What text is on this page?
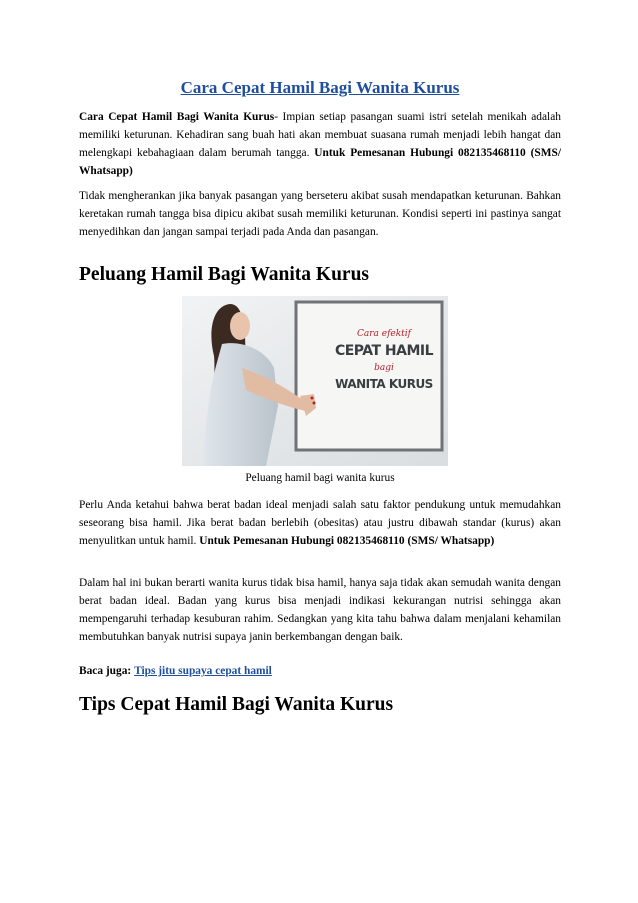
Cara Cepat Hamil Bagi Wanita Kurus

Cara Cepat Hamil Bagi Wanita Kurus- Impian setiap pasangan suami istri setelah menikah adalah memiliki keturunan. Kehadiran sang buah hati akan membuat suasana rumah menjadi lebih hangat dan melengkapi kebahagiaan dalam berumah tangga. Untuk Pemesanan Hubungi 082135468110 (SMS/ Whatsapp)

Tidak mengherankan jika banyak pasangan yang berseteru akibat susah mendapatkan keturunan. Bahkan keretakan rumah tangga bisa dipicu akibat susah memiliki keturunan. Kondisi seperti ini pastinya sangat menyedihkan dan jangan sampai terjadi pada Anda dan pasangan.

Peluang Hamil Bagi Wanita Kurus
Cara efektif
CEPAT HAMIL
bagi
WANITA KURUS

Peluang hamil bagi wanita kurus

Perlu Anda ketahui bahwa berat badan ideal menjadi salah satu faktor pendukung untuk memudahkan seseorang bisa hamil. Jika berat badan berlebih (obesitas) atau justru dibawah standar (kurus) akan menyulitkan untuk hamil. Untuk Pemesanan Hubungi 082135468110 (SMS/ Whatsapp)

Dalam hal ini bukan berarti wanita kurus tidak bisa hamil, hanya saja tidak akan semudah wanita dengan berat badan ideal. Badan yang kurus bisa menjadi indikasi kekurangan nutrisi sehingga akan mempengaruhi terhadap kesuburan rahim. Sedangkan yang kita tahu bahwa dalam menjalani kehamilan membutuhkan banyak nutrisi supaya janin berkembangan dengan baik.

Baca juga: Tips jitu supaya cepat hamil

Tips Cepat Hamil Bagi Wanita Kurus
